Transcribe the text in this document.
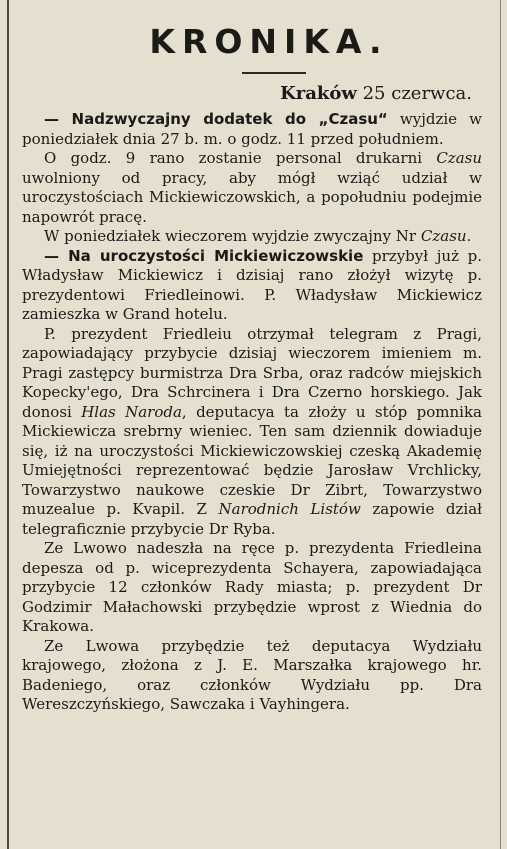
KRONIKA.
Kraków 25 czerwca.

— Nadzwyczajny dodatek do „Czasu“ wyjdzie w poniedziałek dnia 27 b. m. o godz. 11 przed południem.

O godz. 9 rano zostanie personal drukarni Czasu uwolniony od pracy, aby mógł wziąć udział w uroczystościach Mickiewiczowskich, a popołudniu podejmie napowrót pracę.

W poniedziałek wieczorem wyjdzie zwyczajny Nr Czasu.

— Na uroczystości Mickiewiczowskie przybył już p. Władysław Mickiewicz i dzisiaj rano złożył wizytę p. prezydentowi Friedleinowi. P. Władysław Mickiewicz zamieszka w Grand hotelu.

P. prezydent Friedleiu otrzymał telegram z Pragi, zapowiadający przybycie dzisiaj wieczorem imieniem m. Pragi zastępcy burmistrza Dra Srba, oraz radców miejskich Kopecky'ego, Dra Schrcinera i Dra Czerno horskiego. Jak donosi Hlas Naroda, deputacya ta złoży u stóp pomnika Mickiewicza srebrny wieniec. Ten sam dziennik dowiaduje się, iż na uroczystości Mickiewiczowskiej czeską Akademię Umiejętności reprezentować będzie Jarosław Vrchlicky, Towarzystwo naukowe czeskie Dr Zibrt, Towarzystwo muzealue p. Kvapil. Z Narodnich Listów zapowie dział telegraficznie przybycie Dr Ryba.

Ze Lwowo nadeszła na ręce p. prezydenta Friedleina depesza od p. wiceprezydenta Schayera, zapowiadająca przybycie 12 członków Rady miasta; p. prezydent Dr Godzimir Małachowski przybędzie wprost z Wiednia do Krakowa.

Ze Lwowa przybędzie też deputacya Wydziału krajowego, złożona z J. E. Marszałka krajowego hr. Badeniego, oraz członków Wydziału pp. Dra Wereszczyńskiego, Sawczaka i Vayhingera.
